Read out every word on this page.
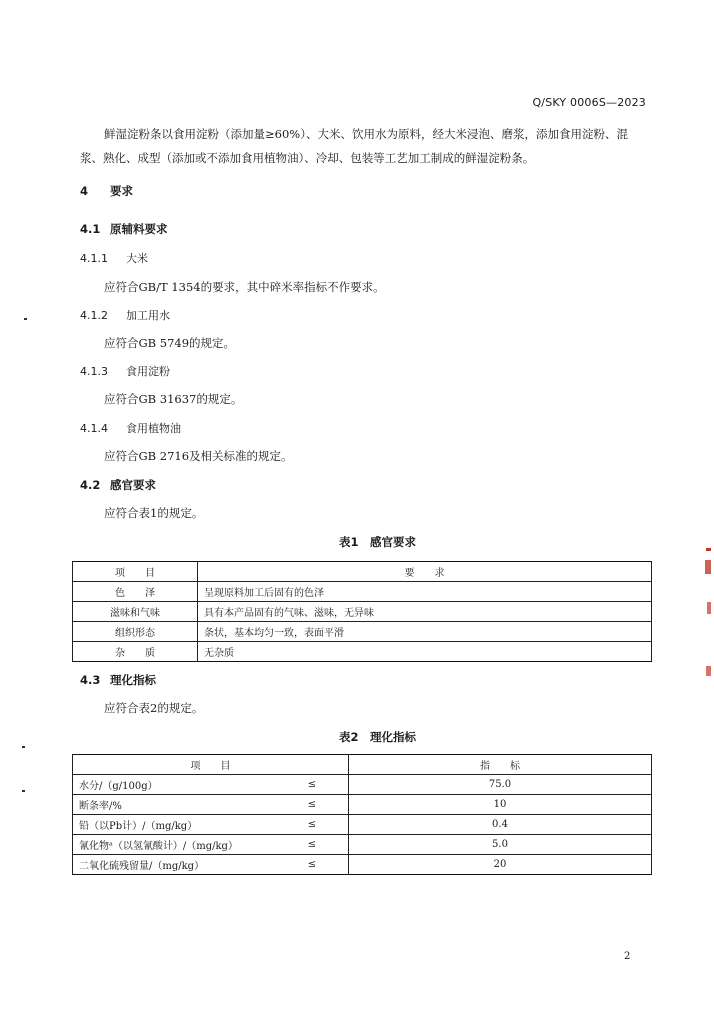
Q/SKY 0006S—2023
鲜湿淀粉条以食用淀粉（添加量≥60%）、大米、饮用水为原料，经大米浸泡、磨浆，添加食用淀粉、混浆、熟化、成型（添加或不添加食用植物油）、冷却、包装等工艺加工制成的鲜湿淀粉条。
4 要求
4.1 原辅料要求
4.1.1 大米
应符合GB/T 1354的要求，其中碎米率指标不作要求。
4.1.2 加工用水
应符合GB 5749的规定。
4.1.3 食用淀粉
应符合GB 31637的规定。
4.1.4 食用植物油
应符合GB 2716及相关标准的规定。
4.2 感官要求
应符合表1的规定。
表1　感官要求
项　　目	要　　求
色　　泽	呈现原料加工后固有的色泽
滋味和气味	具有本产品固有的气味、滋味，无异味
组织形态	条状，基本均匀一致，表面平滑
杂　　质	无杂质
4.3 理化指标
应符合表2的规定。
表2　理化指标
项　　目		指　　标
水分/（g/100g）	≤	75.0
断条率/%	≤	10
铅（以Pb计）/（mg/kg）	≤	0.4
氰化物ᵃ（以氢氰酸计）/（mg/kg）	≤	5.0
二氧化硫残留量/（mg/kg）	≤	20
2
